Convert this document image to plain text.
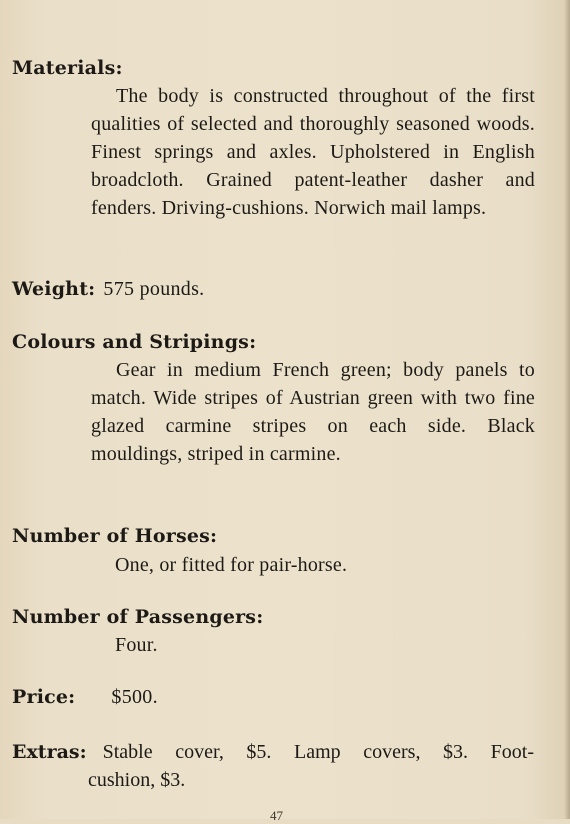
Materials:
The body is constructed throughout of the first qualities of selected and thoroughly seasoned woods. Finest springs and axles. Upholstered in English broadcloth. Grained patent-leather dasher and fenders. Driving-cushions. Norwich mail lamps.
Weight: 575 pounds.
Colours and Stripings:
Gear in medium French green; body panels to match. Wide stripes of Austrian green with two fine glazed carmine stripes on each side. Black mouldings, striped in carmine.
Number of Horses:
One, or fitted for pair-horse.
Number of Passengers:
Four.
Price: $500.
Extras: Stable cover, $5. Lamp covers, $3. Foot-
cushion, $3.
47
